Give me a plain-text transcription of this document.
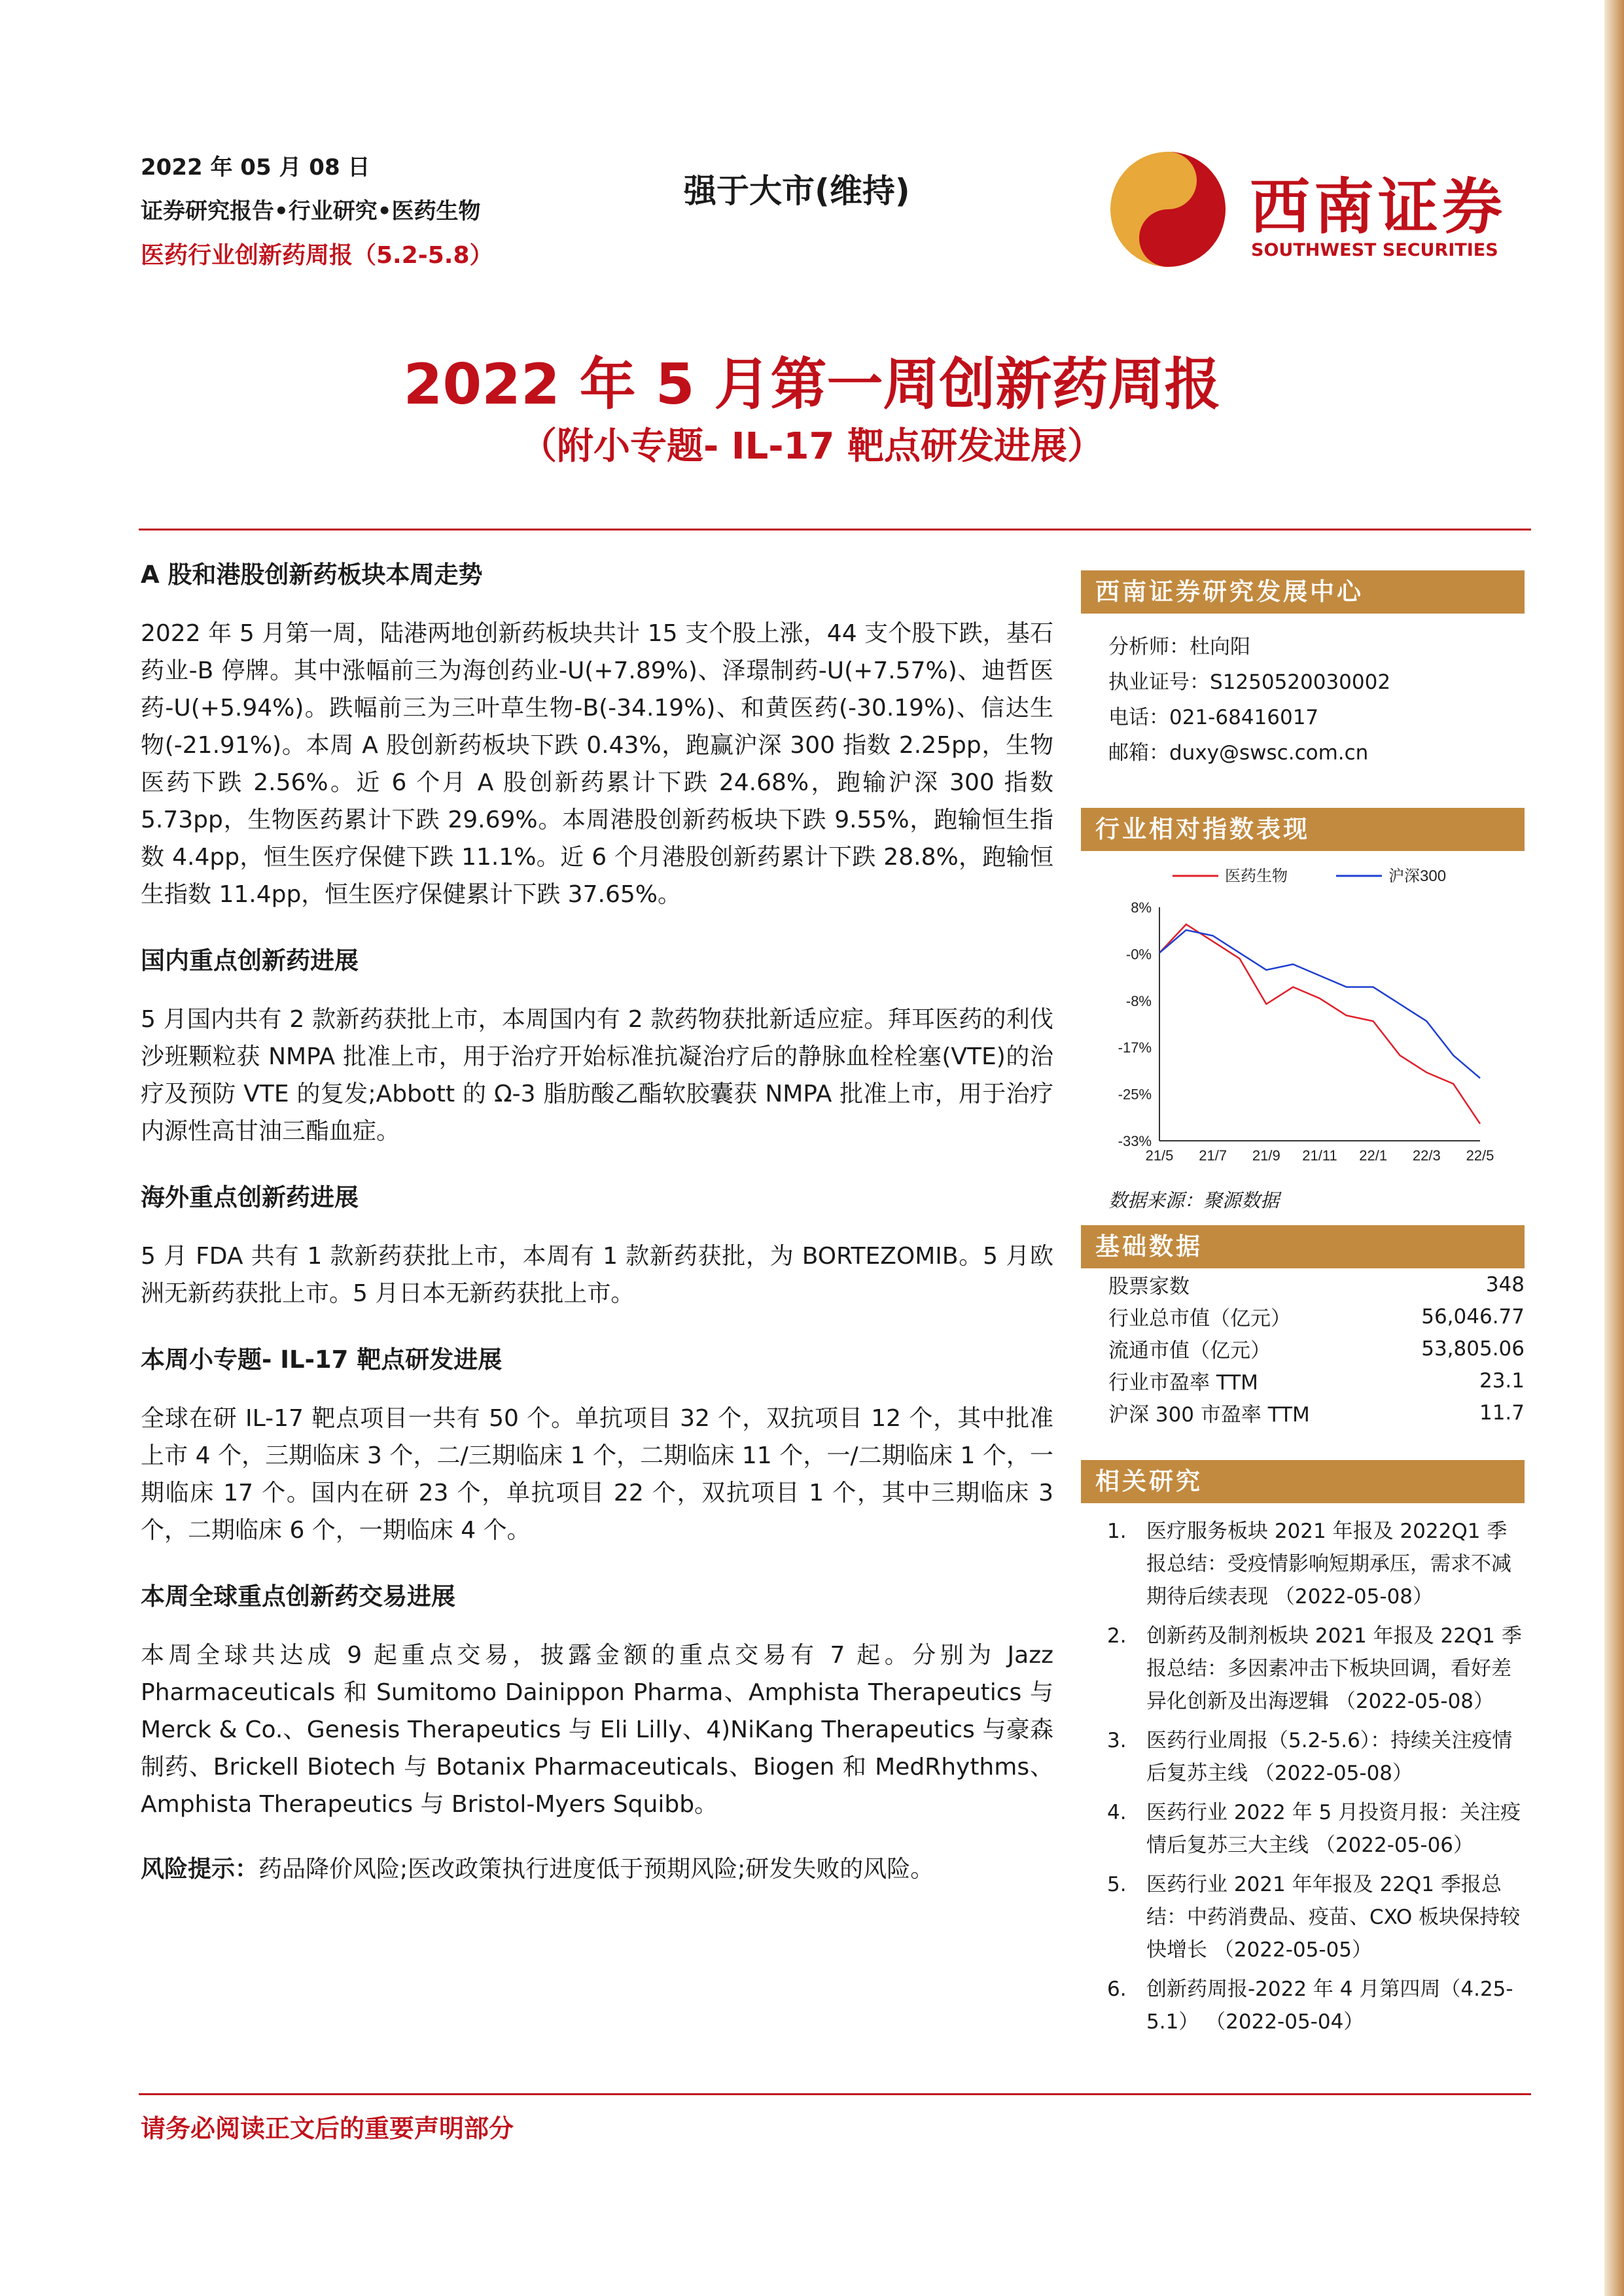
2022 年 05 月 08 日
证券研究报告•行业研究•医药生物
医药行业创新药周报（5.2-5.8）
强于大市(维持)	西南证券
SOUTHWEST SECURITIES
2022 年 5 月第一周创新药周报
（附小专题- IL-17 靶点研发进展）
A 股和港股创新药板块本周走势
2022 年 5 月第一周，陆港两地创新药板块共计 15 支个股上涨，44 支个股下跌，基石药业-B 停牌。其中涨幅前三为海创药业-U(+7.89%)、泽璟制药-U(+7.57%)、迪哲医药-U(+5.94%)。跌幅前三为三叶草生物-B(-34.19%)、和黄医药(-30.19%)、信达生物(-21.91%)。本周 A 股创新药板块下跌 0.43%，跑赢沪深 300 指数 2.25pp，生物医药下跌 2.56%。近 6 个月 A 股创新药累计下跌 24.68%，跑输沪深 300 指数 5.73pp，生物医药累计下跌 29.69%。本周港股创新药板块下跌 9.55%，跑输恒生指数 4.4pp，恒生医疗保健下跌 11.1%。近 6 个月港股创新药累计下跌 28.8%，跑输恒生指数 11.4pp，恒生医疗保健累计下跌 37.65%。
国内重点创新药进展
5 月国内共有 2 款新药获批上市，本周国内有 2 款药物获批新适应症。拜耳医药的利伐沙班颗粒获 NMPA 批准上市，用于治疗开始标准抗凝治疗后的静脉血栓栓塞(VTE)的治疗及预防 VTE 的复发;Abbott 的 Ω-3 脂肪酸乙酯软胶囊获 NMPA 批准上市，用于治疗内源性高甘油三酯血症。
海外重点创新药进展
5 月 FDA 共有 1 款新药获批上市，本周有 1 款新药获批，为 BORTEZOMIB。5 月欧洲无新药获批上市。5 月日本无新药获批上市。
本周小专题- IL-17 靶点研发进展
全球在研 IL-17 靶点项目一共有 50 个。单抗项目 32 个，双抗项目 12 个，其中批准上市 4 个，三期临床 3 个，二/三期临床 1 个，二期临床 11 个，一/二期临床 1 个，一期临床 17 个。国内在研 23 个，单抗项目 22 个，双抗项目 1 个，其中三期临床 3 个，二期临床 6 个，一期临床 4 个。
本周全球重点创新药交易进展
本周全球共达成 9 起重点交易，披露金额的重点交易有 7 起。分别为 Jazz Pharmaceuticals 和 Sumitomo Dainippon Pharma、Amphista Therapeutics 与 Merck & Co.、Genesis Therapeutics 与 Eli Lilly、4)NiKang Therapeutics 与豪森制药、Brickell Biotech 与 Botanix Pharmaceuticals、Biogen 和 MedRhythms、Amphista Therapeutics 与 Bristol-Myers Squibb。
风险提示：药品降价风险;医改政策执行进度低于预期风险;研发失败的风险。
西南证券研究发展中心
分析师：杜向阳
执业证号：S1250520030002
电话：021-68416017
邮箱：duxy@swsc.com.cn
行业相对指数表现
8%
-0%
-8%
-17%
-25%
-33%
21/5 21/7 21/9 21/11 22/1 22/3 22/5
医药生物	沪深300
数据来源：聚源数据
基础数据
股票家数	348
行业总市值（亿元）	56,046.77
流通市值（亿元）	53,805.06
行业市盈率 TTM	23.1
沪深 300 市盈率 TTM	11.7
相关研究
1. 医疗服务板块 2021 年报及 2022Q1 季报总结：受疫情影响短期承压，需求不减期待后续表现 （2022-05-08）
2. 创新药及制剂板块 2021 年报及 22Q1 季报总结：多因素冲击下板块回调，看好差异化创新及出海逻辑 （2022-05-08）
3. 医药行业周报（5.2-5.6）：持续关注疫情后复苏主线 （2022-05-08）
4. 医药行业 2022 年 5 月投资月报：关注疫情后复苏三大主线 （2022-05-06）
5. 医药行业 2021 年年报及 22Q1 季报总结：中药消费品、疫苗、CXO 板块保持较快增长 （2022-05-05）
6. 创新药周报-2022 年 4 月第四周（4.25-5.1） （2022-05-04）
请务必阅读正文后的重要声明部分
